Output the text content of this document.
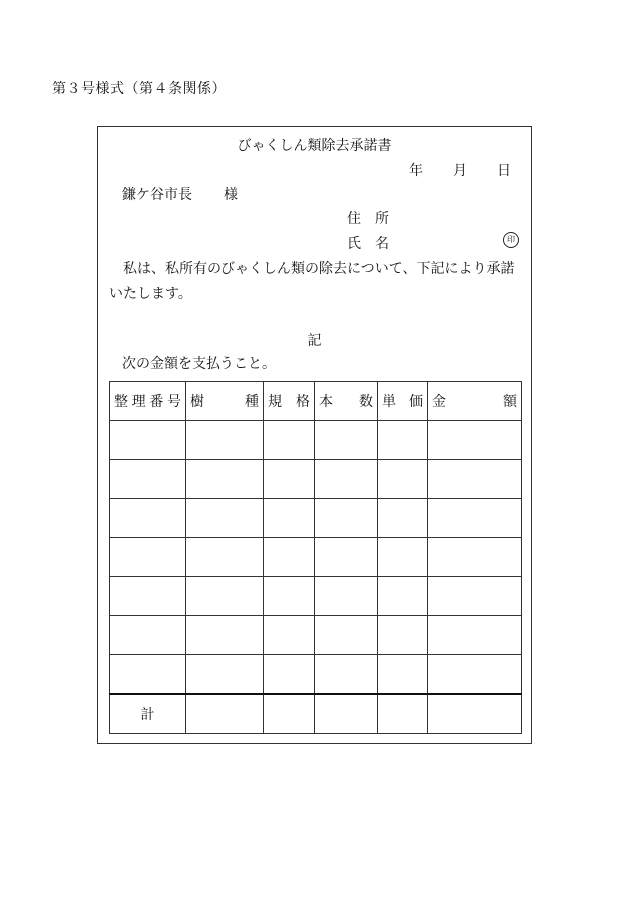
第３号様式（第４条関係）
びゃくしん類除去承諾書
年 月 日
鎌ケ谷市長 様
住　所
氏　名	印
私は、私所有のびゃくしん類の除去について、下記により承諾いたします。
記
次の金額を支払うこと。
整 理 番 号	樹 種	規 格	本 数	単 価	金 額

計					
